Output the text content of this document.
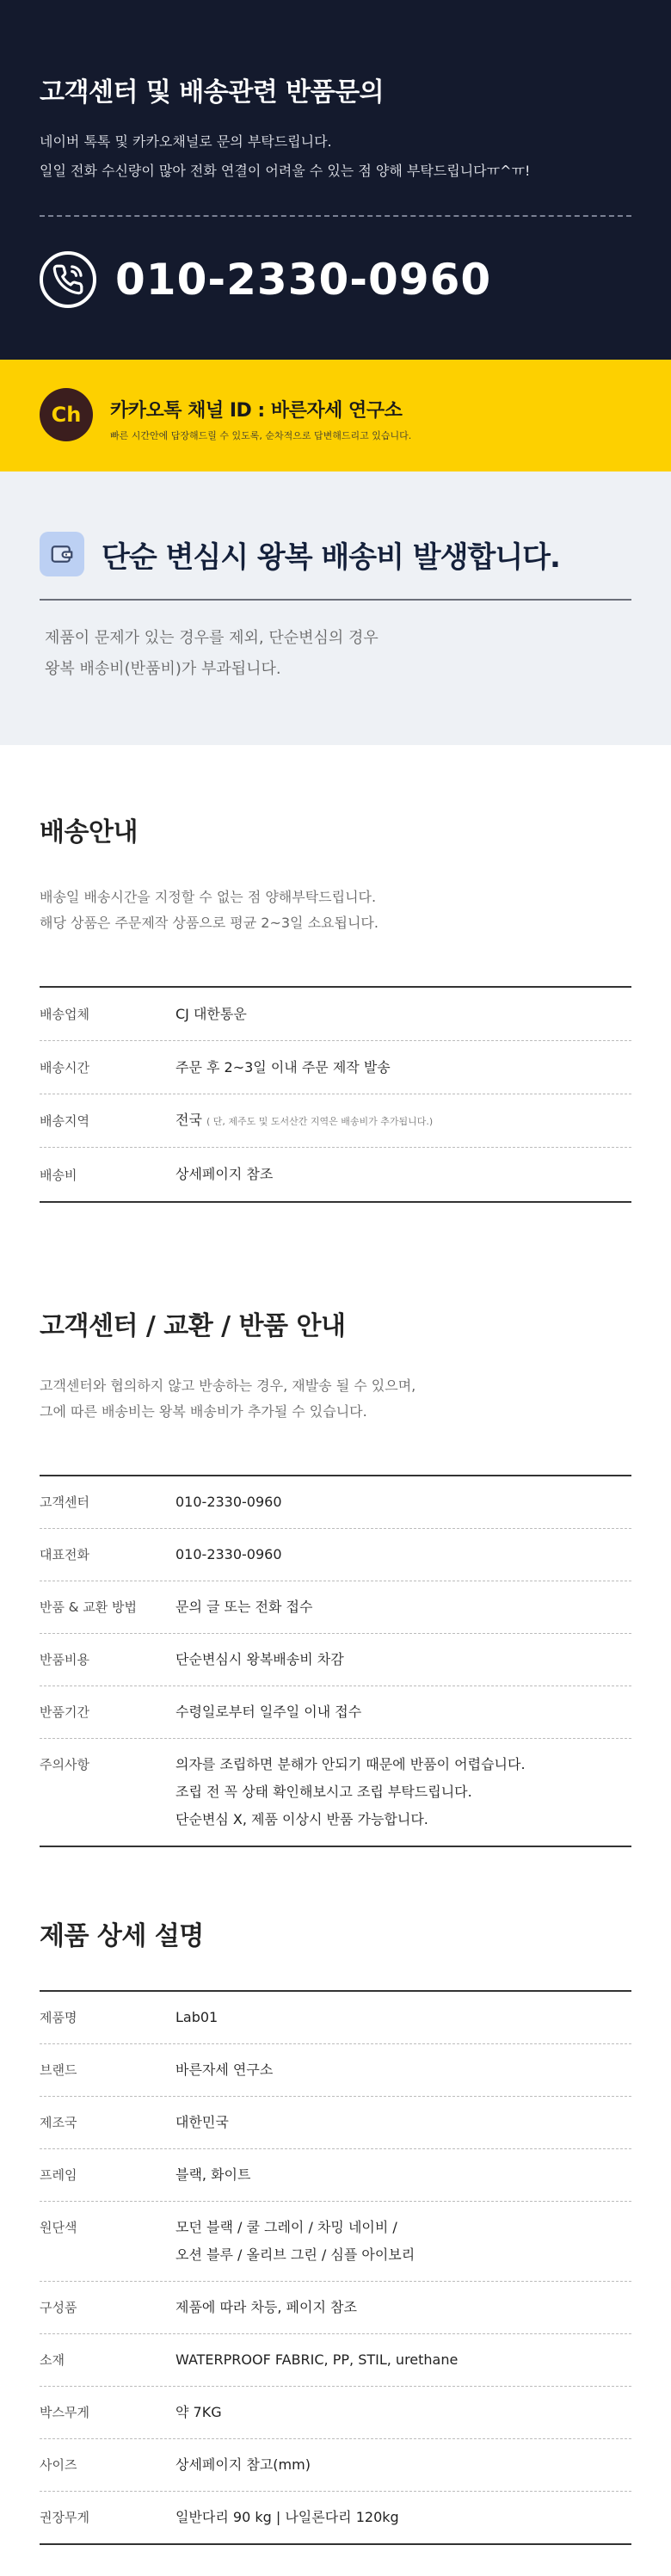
고객센터 및 배송관련 반품문의
네이버 톡톡 및 카카오채널로 문의 부탁드립니다.
일일 전화 수신량이 많아 전화 연결이 어려울 수 있는 점 양해 부탁드립니다ㅠ^ㅠ!
010-2330-0960
Ch	카카오톡 채널 ID : 바른자세 연구소
빠른 시간안에 답장해드릴 수 있도록, 순차적으로 답변해드리고 있습니다.
단순 변심시 왕복 배송비 발생합니다.
제품이 문제가 있는 경우를 제외, 단순변심의 경우
왕복 배송비(반품비)가 부과됩니다.
배송안내
배송일 배송시간을 지정할 수 없는 점 양해부탁드립니다.
해당 상품은 주문제작 상품으로 평균 2~3일 소요됩니다.
배송업체	CJ 대한통운
배송시간	주문 후 2~3일 이내 주문 제작 발송
배송지역	전국 ( 단, 제주도 및 도서산간 지역은 배송비가 추가됩니다.)
배송비	상세페이지 참조
고객센터 / 교환 / 반품 안내
고객센터와 협의하지 않고 반송하는 경우, 재발송 될 수 있으며,
그에 따른 배송비는 왕복 배송비가 추가될 수 있습니다.
고객센터	010-2330-0960
대표전화	010-2330-0960
반품 & 교환 방법	문의 글 또는 전화 접수
반품비용	단순변심시 왕복배송비 차감
반품기간	수령일로부터 일주일 이내 접수
주의사항	의자를 조립하면 분해가 안되기 때문에 반품이 어렵습니다.
조립 전 꼭 상태 확인해보시고 조립 부탁드립니다.
단순변심 X, 제품 이상시 반품 가능합니다.
제품 상세 설명
제품명	Lab01
브랜드	바른자세 연구소
제조국	대한민국
프레임	블랙, 화이트
원단색	모던 블랙 / 쿨 그레이 / 차밍 네이비 /
오션 블루 / 올리브 그린 / 심플 아이보리
구성품	제품에 따라 차등, 페이지 참조
소재	WATERPROOF FABRIC, PP, STIL, urethane
박스무게	약 7KG
사이즈	상세페이지 참고(mm)
권장무게	일반다리 90 kg | 나일론다리 120kg
